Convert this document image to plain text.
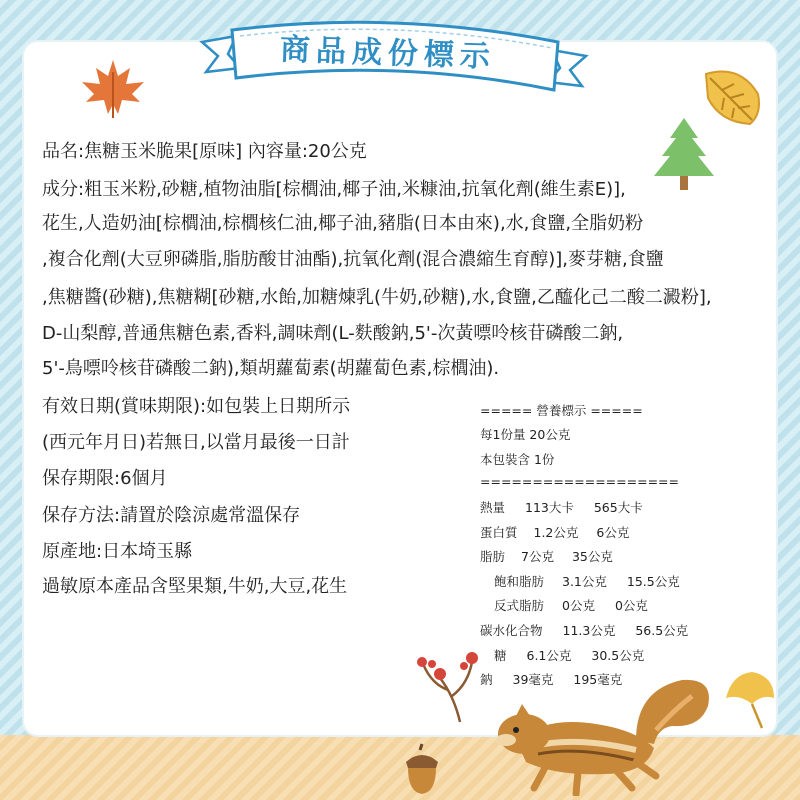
商品成份標示
品名:焦糖玉米脆果[原味] 內容量:20公克
成分:粗玉米粉,砂糖,植物油脂[棕櫚油,椰子油,米糠油,抗氧化劑(維生素E)],
花生,人造奶油[棕櫚油,棕櫚核仁油,椰子油,豬脂(日本由來),水,食鹽,全脂奶粉
,複合化劑(大豆卵磷脂,脂肪酸甘油酯),抗氧化劑(混合濃縮生育醇)],麥芽糖,食鹽
,焦糖醬(砂糖),焦糖糊[砂糖,水飴,加糖煉乳(牛奶,砂糖),水,食鹽,乙醯化己二酸二澱粉],
D-山梨醇,普通焦糖色素,香料,調味劑(L-麩酸鈉,5'-次黃嘌呤核苷磷酸二鈉,
5'-鳥嘌呤核苷磷酸二鈉),類胡蘿蔔素(胡蘿蔔色素,棕櫚油).
有效日期(賞味期限):如包裝上日期所示
(西元年月日)若無日,以當月最後一日計
保存期限:6個月
保存方法:請置於陰涼處常溫保存
原產地:日本埼玉縣
過敏原本產品含堅果類,牛奶,大豆,花生
===== 營養標示 =====
每1份量 20公克
本包裝含 1份
===================
熱量 113大卡 565大卡
蛋白質 1.2公克 6公克
脂肪 7公克 35公克
飽和脂肪 3.1公克 15.5公克
反式脂肪 0公克 0公克
碳水化合物 11.3公克 56.5公克
糖 6.1公克 30.5公克
鈉 39毫克 195毫克
